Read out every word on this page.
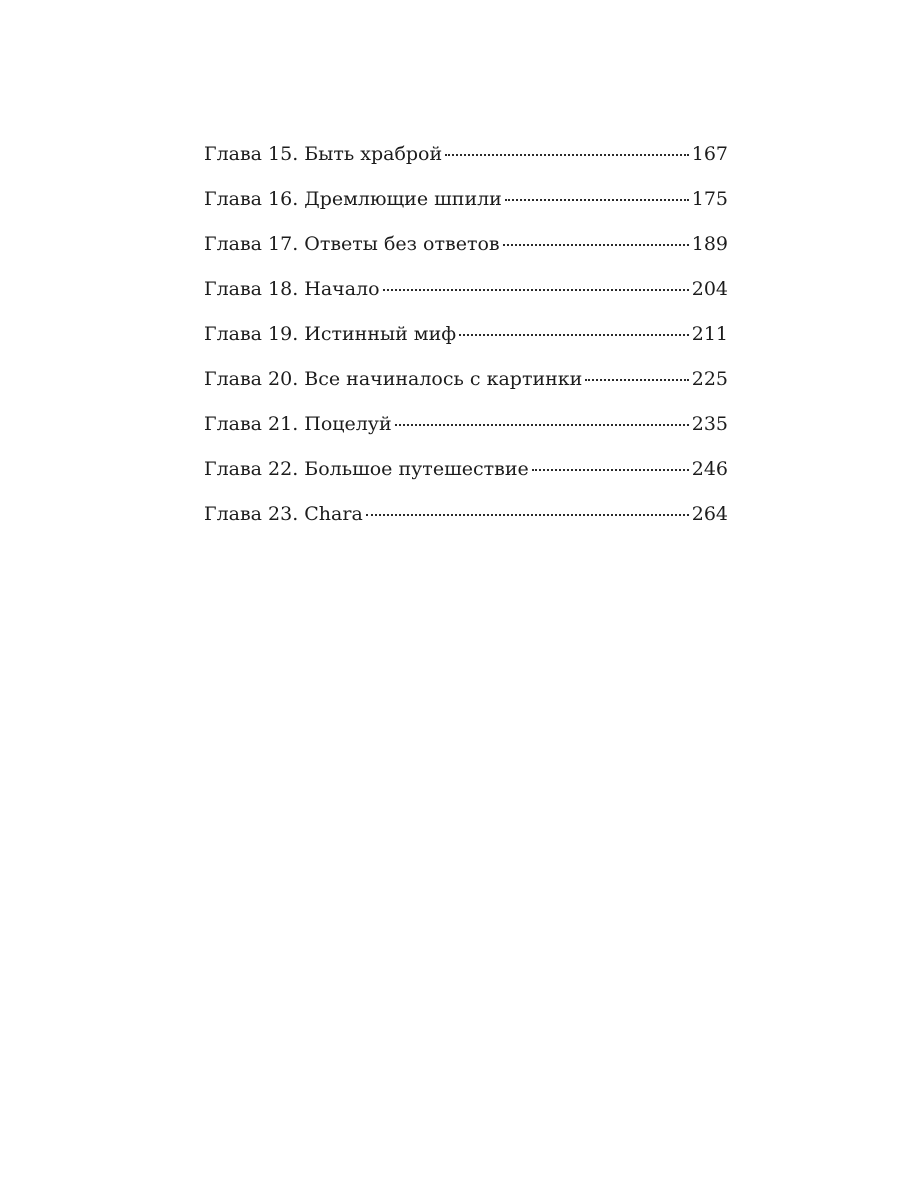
Глава 15. Быть храброй	167
Глава 16. Дремлющие шпили	175
Глава 17. Ответы без ответов	189
Глава 18. Начало	204
Глава 19. Истинный миф	211
Глава 20. Все начиналось с картинки	225
Глава 21. Поцелуй	235
Глава 22. Большое путешествие	246
Глава 23. Chara	264
